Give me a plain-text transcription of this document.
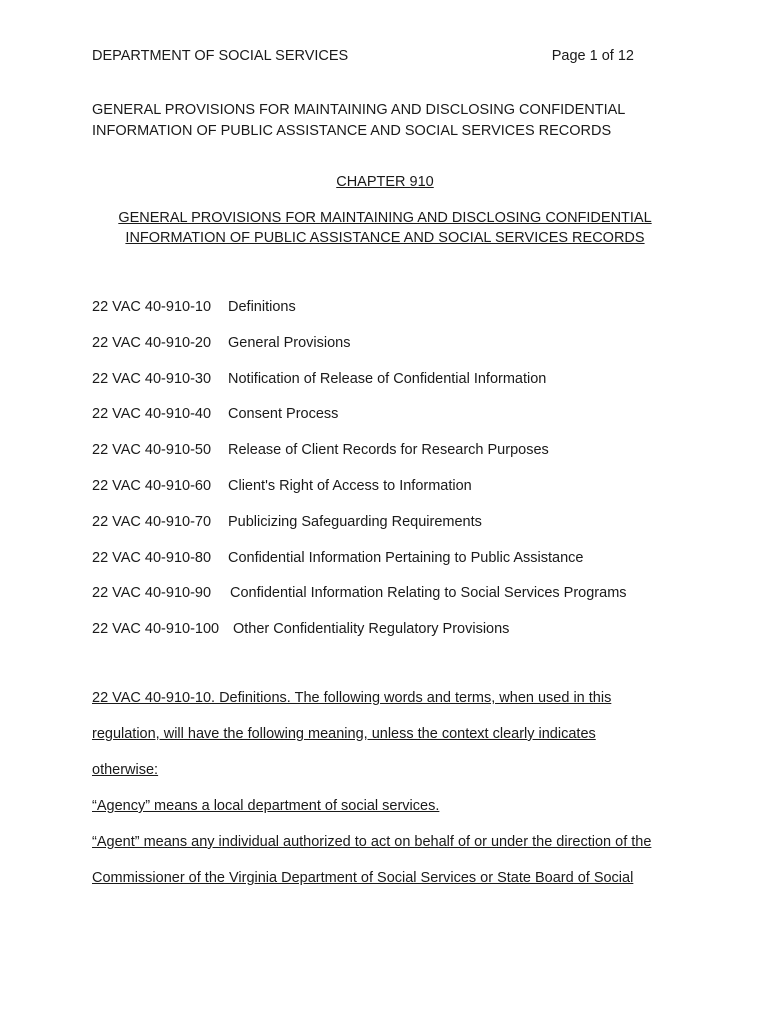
DEPARTMENT OF SOCIAL SERVICES	Page 1 of 12
GENERAL PROVISIONS FOR MAINTAINING AND DISCLOSING CONFIDENTIAL
INFORMATION OF PUBLIC ASSISTANCE AND SOCIAL SERVICES RECORDS
CHAPTER 910
GENERAL PROVISIONS FOR MAINTAINING AND DISCLOSING CONFIDENTIAL
INFORMATION OF PUBLIC ASSISTANCE AND SOCIAL SERVICES RECORDS
22 VAC 40-910-10 Definitions
22 VAC 40-910-20 General Provisions
22 VAC 40-910-30 Notification of Release of Confidential Information
22 VAC 40-910-40 Consent Process
22 VAC 40-910-50 Release of Client Records for Research Purposes
22 VAC 40-910-60 Client's Right of Access to Information
22 VAC 40-910-70 Publicizing Safeguarding Requirements
22 VAC 40-910-80 Confidential Information Pertaining to Public Assistance
22 VAC 40-910-90 Confidential Information Relating to Social Services Programs
22 VAC 40-910-100 Other Confidentiality Regulatory Provisions
22 VAC 40-910-10. Definitions. The following words and terms, when used in this
regulation, will have the following meaning, unless the context clearly indicates
otherwise:
“Agency” means a local department of social services.
“Agent” means any individual authorized to act on behalf of or under the direction of the
Commissioner of the Virginia Department of Social Services or State Board of Social
